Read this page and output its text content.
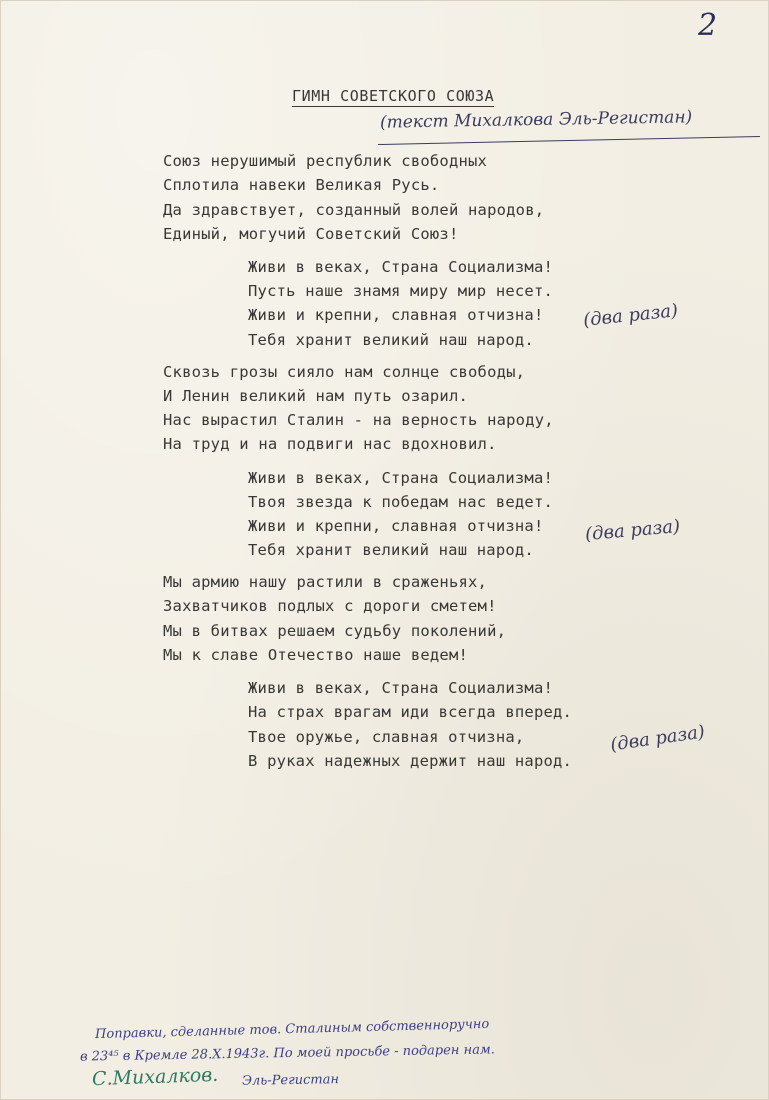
2
ГИМН СОВЕТСКОГО СОЮЗА
(текст Михалкова Эль-Регистан)
Союз нерушимый республик свободных
Сплотила навеки Великая Русь.
Да здравствует, созданный волей народов,
Единый, могучий Советский Союз!
Живи в веках, Страна Социализма!
Пусть наше знамя миру мир несет.
Живи и крепни, славная отчизна!
Тебя хранит великий наш народ.
(два раза)
Сквозь грозы сияло нам солнце свободы,
И Ленин великий нам путь озарил.
Нас вырастил Сталин - на верность народу,
На труд и на подвиги нас вдохновил.
Живи в веках, Страна Социализма!
Твоя звезда к победам нас ведет.
Живи и крепни, славная отчизна!
Тебя хранит великий наш народ.
(два раза)
Мы армию нашу растили в сраженьях,
Захватчиков подлых с дороги сметем!
Мы в битвах решаем судьбу поколений,
Мы к славе Отечество наше ведем!
Живи в веках, Страна Социализма!
На страх врагам иди всегда вперед.
Твое оружье, славная отчизна,
В руках надежных держит наш народ.
(два раза)
Поправки, сделанные тов. Сталиным собственноручно
в 23⁴⁵ в Кремле 28.Х.1943г. По моей просьбе - подарен нам.
С.Михалков. Эль-Регистан
